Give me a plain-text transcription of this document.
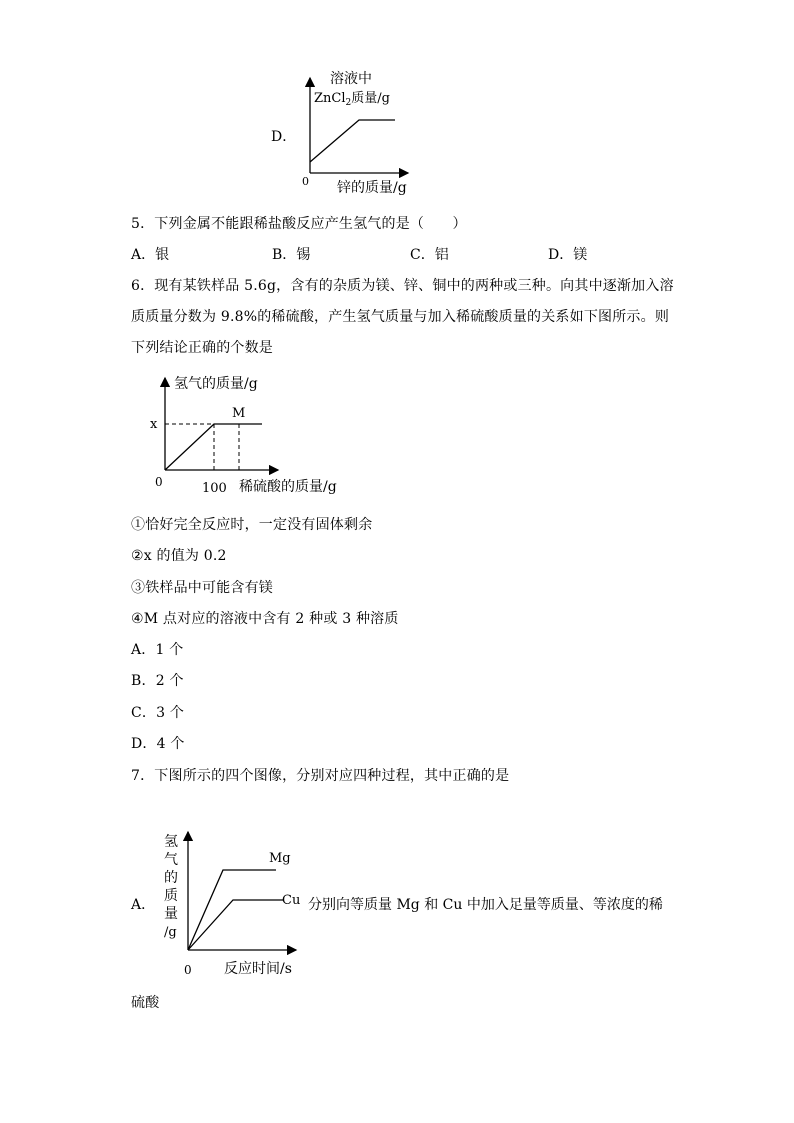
D．
溶液中
ZnCl$_2$质量/g
0 锌的质量/g
5．下列金属不能跟稀盐酸反应产生氢气的是（　　）
A．银	B．锡	C．铝	D．镁
6．现有某铁样品 5.6g，含有的杂质为镁、锌、铜中的两种或三种。向其中逐渐加入溶
质质量分数为 9.8%的稀硫酸，产生氢气质量与加入稀硫酸质量的关系如下图所示。则
下列结论正确的个数是
氢气的质量/g
x
M
0	100 稀硫酸的质量/g
①恰好完全反应时，一定没有固体剩余
②x 的值为 0.2
③铁样品中可能含有镁
④M 点对应的溶液中含有 2 种或 3 种溶质
A．1 个
B．2 个
C．3 个
D．4 个
7．下图所示的四个图像，分别对应四种过程，其中正确的是
A．
氢
气
的
质
量
/g
Mg
Cu
0 反应时间/s
分别向等质量 Mg 和 Cu 中加入足量等质量、等浓度的稀
硫酸
